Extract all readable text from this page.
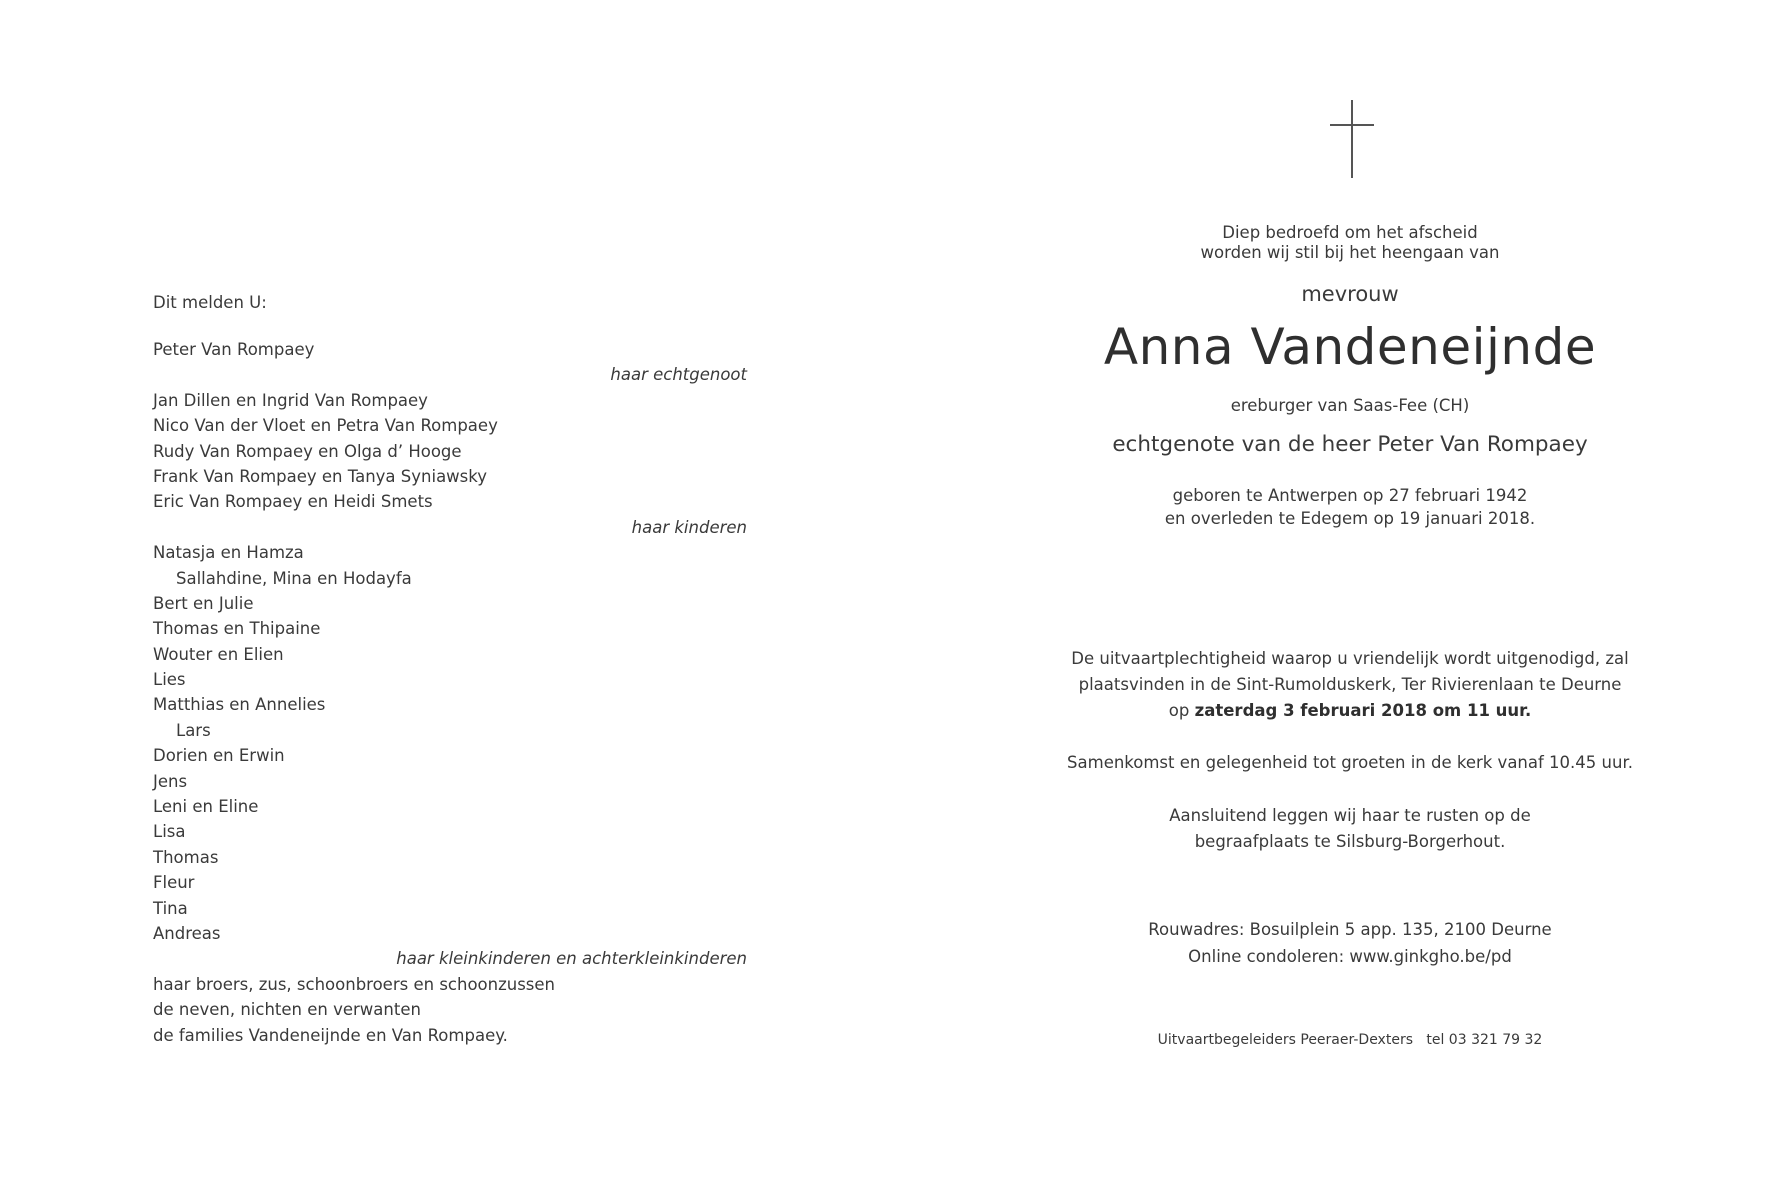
Dit melden U:
Peter Van Rompaey
haar echtgenoot
Jan Dillen en Ingrid Van Rompaey
Nico Van der Vloet en Petra Van Rompaey
Rudy Van Rompaey en Olga d’ Hooge
Frank Van Rompaey en Tanya Syniawsky
Eric Van Rompaey en Heidi Smets
haar kinderen
Natasja en Hamza
Sallahdine, Mina en Hodayfa
Bert en Julie
Thomas en Thipaine
Wouter en Elien
Lies
Matthias en Annelies
Lars
Dorien en Erwin
Jens
Leni en Eline
Lisa
Thomas
Fleur
Tina
Andreas
haar kleinkinderen en achterkleinkinderen
haar broers, zus, schoonbroers en schoonzussen
de neven, nichten en verwanten
de families Vandeneijnde en Van Rompaey.
Diep bedroefd om het afscheid
worden wij stil bij het heengaan van
mevrouw
Anna Vandeneijnde
ereburger van Saas-Fee (CH)
echtgenote van de heer Peter Van Rompaey
geboren te Antwerpen op 27 februari 1942
en overleden te Edegem op 19 januari 2018.
De uitvaartplechtigheid waarop u vriendelijk wordt uitgenodigd, zal
plaatsvinden in de Sint-Rumolduskerk, Ter Rivierenlaan te Deurne
op zaterdag 3 februari 2018 om 11 uur.
Samenkomst en gelegenheid tot groeten in de kerk vanaf 10.45 uur.
Aansluitend leggen wij haar te rusten op de
begraafplaats te Silsburg-Borgerhout.
Rouwadres: Bosuilplein 5 app. 135, 2100 Deurne
Online condoleren: www.ginkgho.be/pd
Uitvaartbegeleiders Peeraer-Dexters tel 03 321 79 32
